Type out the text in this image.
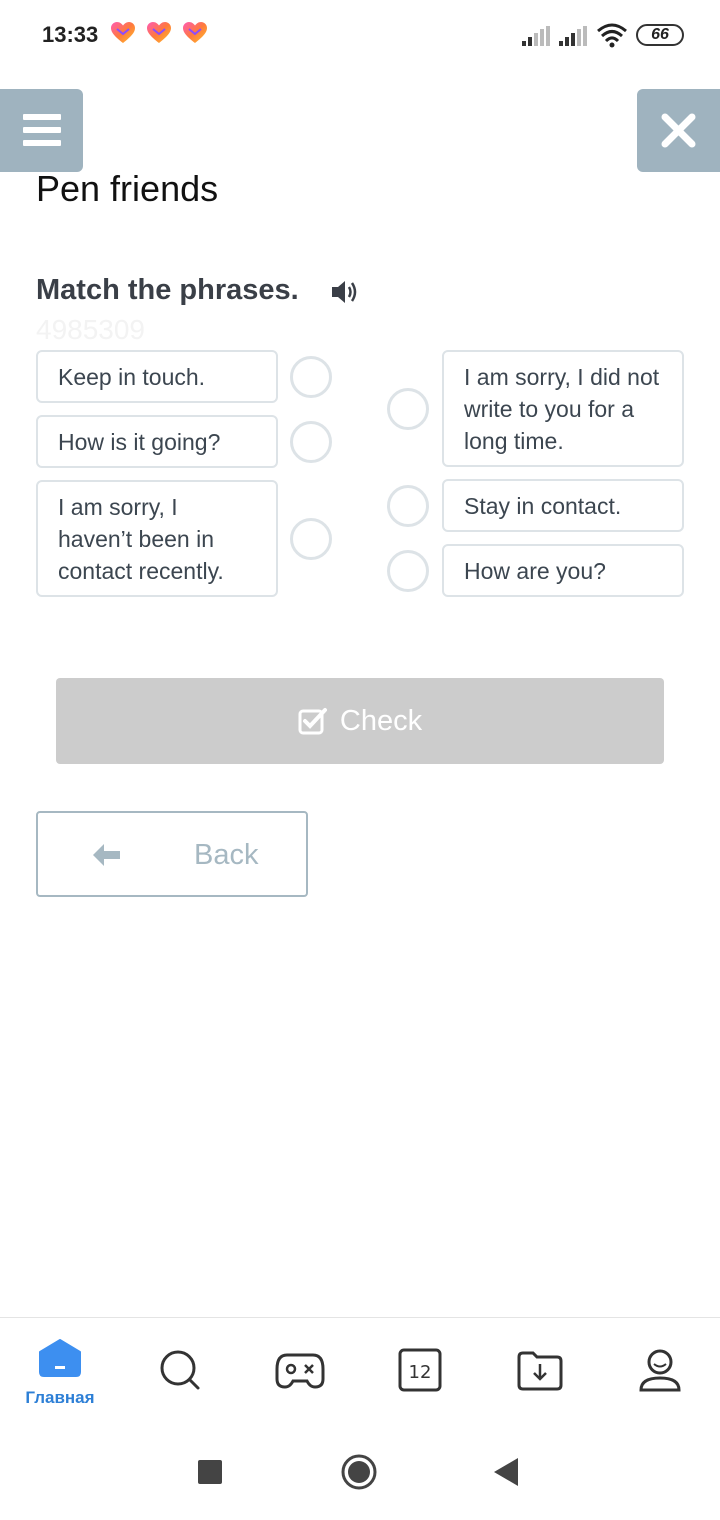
13:33	66
Pen friends
Match the phrases.
4985309
Keep in touch.
How is it going?
I am sorry, I haven’t been in contact recently.
I am sorry, I did not write to you for a long time.
Stay in contact.
How are you?
Check
Back
Главная
12
